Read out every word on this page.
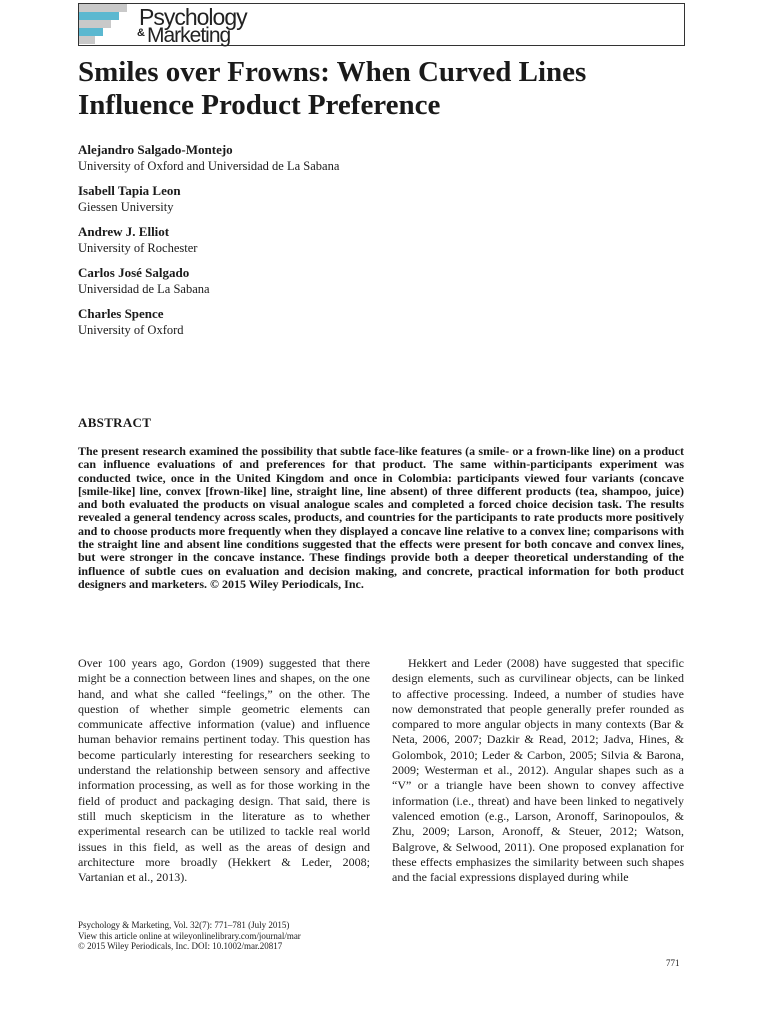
Psychology
& Marketing
Smiles over Frowns: When Curved Lines Influence Product Preference
Alejandro Salgado-Montejo
University of Oxford and Universidad de La Sabana
Isabell Tapia Leon
Giessen University
Andrew J. Elliot
University of Rochester
Carlos José Salgado
Universidad de La Sabana
Charles Spence
University of Oxford
ABSTRACT

The present research examined the possibility that subtle face-like features (a smile- or a frown-like line) on a product can influence evaluations of and preferences for that product. The same within-participants experiment was conducted twice, once in the United Kingdom and once in Colombia: participants viewed four variants (concave [smile-like] line, convex [frown-like] line, straight line, line absent) of three different products (tea, shampoo, juice) and both evaluated the products on visual analogue scales and completed a forced choice decision task. The results revealed a general tendency across scales, products, and countries for the participants to rate products more positively and to choose products more frequently when they displayed a concave line relative to a convex line; comparisons with the straight line and absent line conditions suggested that the effects were present for both concave and convex lines, but were stronger in the concave instance. These findings provide both a deeper theoretical understanding of the influence of subtle cues on evaluation and decision making, and concrete, practical information for both product designers and marketers. © 2015 Wiley Periodicals, Inc.

Over 100 years ago, Gordon (1909) suggested that there might be a connection between lines and shapes, on the one hand, and what she called “feelings,” on the other. The question of whether simple geometric elements can communicate affective information (value) and influence human behavior remains pertinent today. This question has become particularly interesting for researchers seeking to understand the relationship between sensory and affective information processing, as well as for those working in the field of product and packaging design. That said, there is still much skepticism in the literature as to whether experimental research can be utilized to tackle real world issues in this field, as well as the areas of design and architecture more broadly (Hekkert & Leder, 2008; Vartanian et al., 2013).

Hekkert and Leder (2008) have suggested that specific design elements, such as curvilinear objects, can be linked to affective processing. Indeed, a number of studies have now demonstrated that people generally prefer rounded as compared to more angular objects in many contexts (Bar & Neta, 2006, 2007; Dazkir & Read, 2012; Jadva, Hines, & Golombok, 2010; Leder & Carbon, 2005; Silvia & Barona, 2009; Westerman et al., 2012). Angular shapes such as a “V” or a triangle have been shown to convey affective information (i.e., threat) and have been linked to negatively valenced emotion (e.g., Larson, Aronoff, Sarinopoulos, & Zhu, 2009; Larson, Aronoff, & Steuer, 2012; Watson, Balgrove, & Selwood, 2011). One proposed explanation for these effects emphasizes the similarity between such shapes and the facial expressions displayed during while

Psychology & Marketing, Vol. 32(7): 771–781 (July 2015)
View this article online at wileyonlinelibrary.com/journal/mar
© 2015 Wiley Periodicals, Inc. DOI: 10.1002/mar.20817
771
